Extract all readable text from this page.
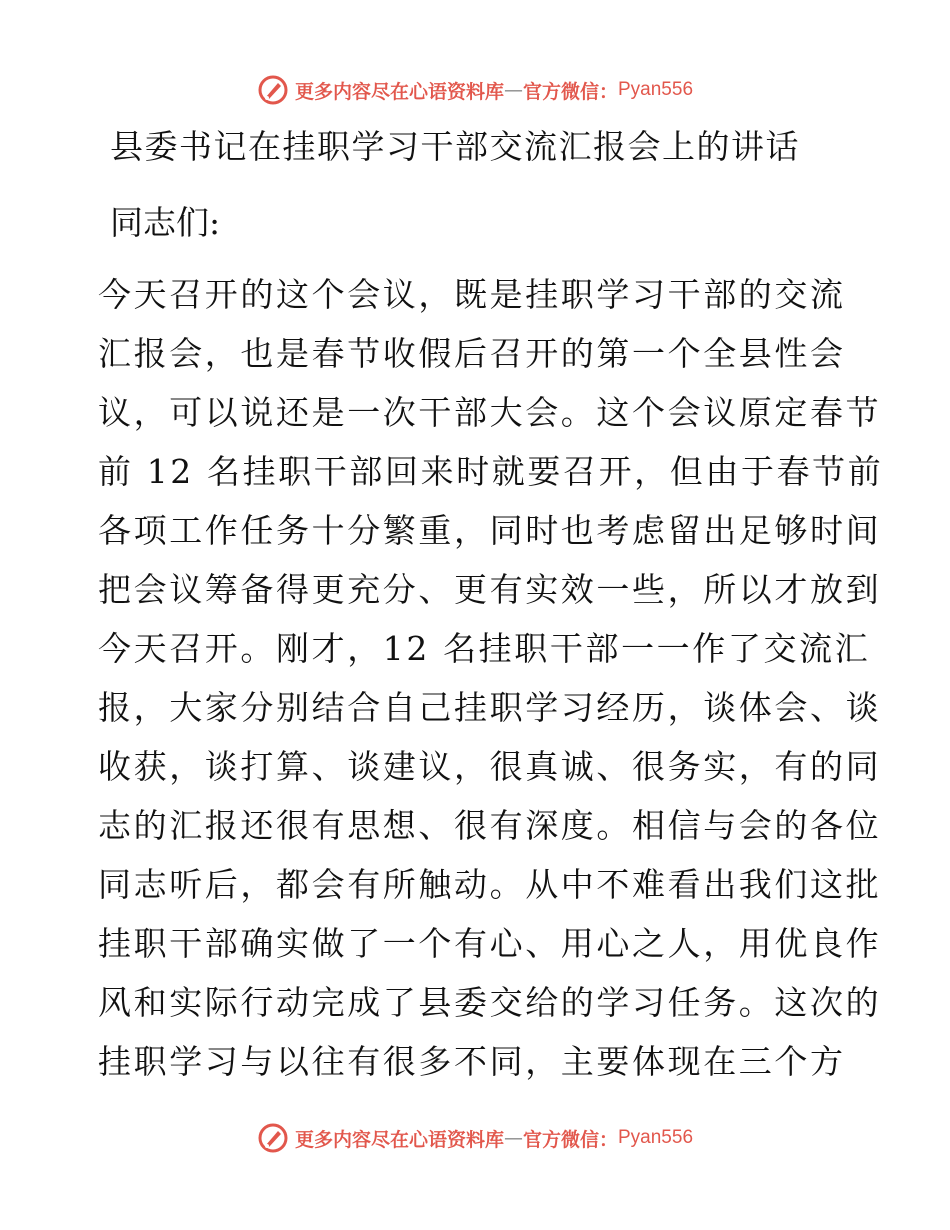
更多内容尽在心语资料库 — 官方微信： Pyan556
县委书记在挂职学习干部交流汇报会上的讲话
同志们:
今天召开的这个会议，既是挂职学习干部的交流
汇报会，也是春节收假后召开的第一个全县性会
议，可以说还是一次干部大会。这个会议原定春节
前 12 名挂职干部回来时就要召开，但由于春节前
各项工作任务十分繁重，同时也考虑留出足够时间
把会议筹备得更充分、更有实效一些，所以才放到
今天召开。刚才，12 名挂职干部一一作了交流汇
报，大家分别结合自己挂职学习经历，谈体会、谈
收获，谈打算、谈建议，很真诚、很务实，有的同
志的汇报还很有思想、很有深度。相信与会的各位
同志听后，都会有所触动。从中不难看出我们这批
挂职干部确实做了一个有心、用心之人，用优良作
风和实际行动完成了县委交给的学习任务。这次的
挂职学习与以往有很多不同，主要体现在三个方
更多内容尽在心语资料库 — 官方微信： Pyan556
